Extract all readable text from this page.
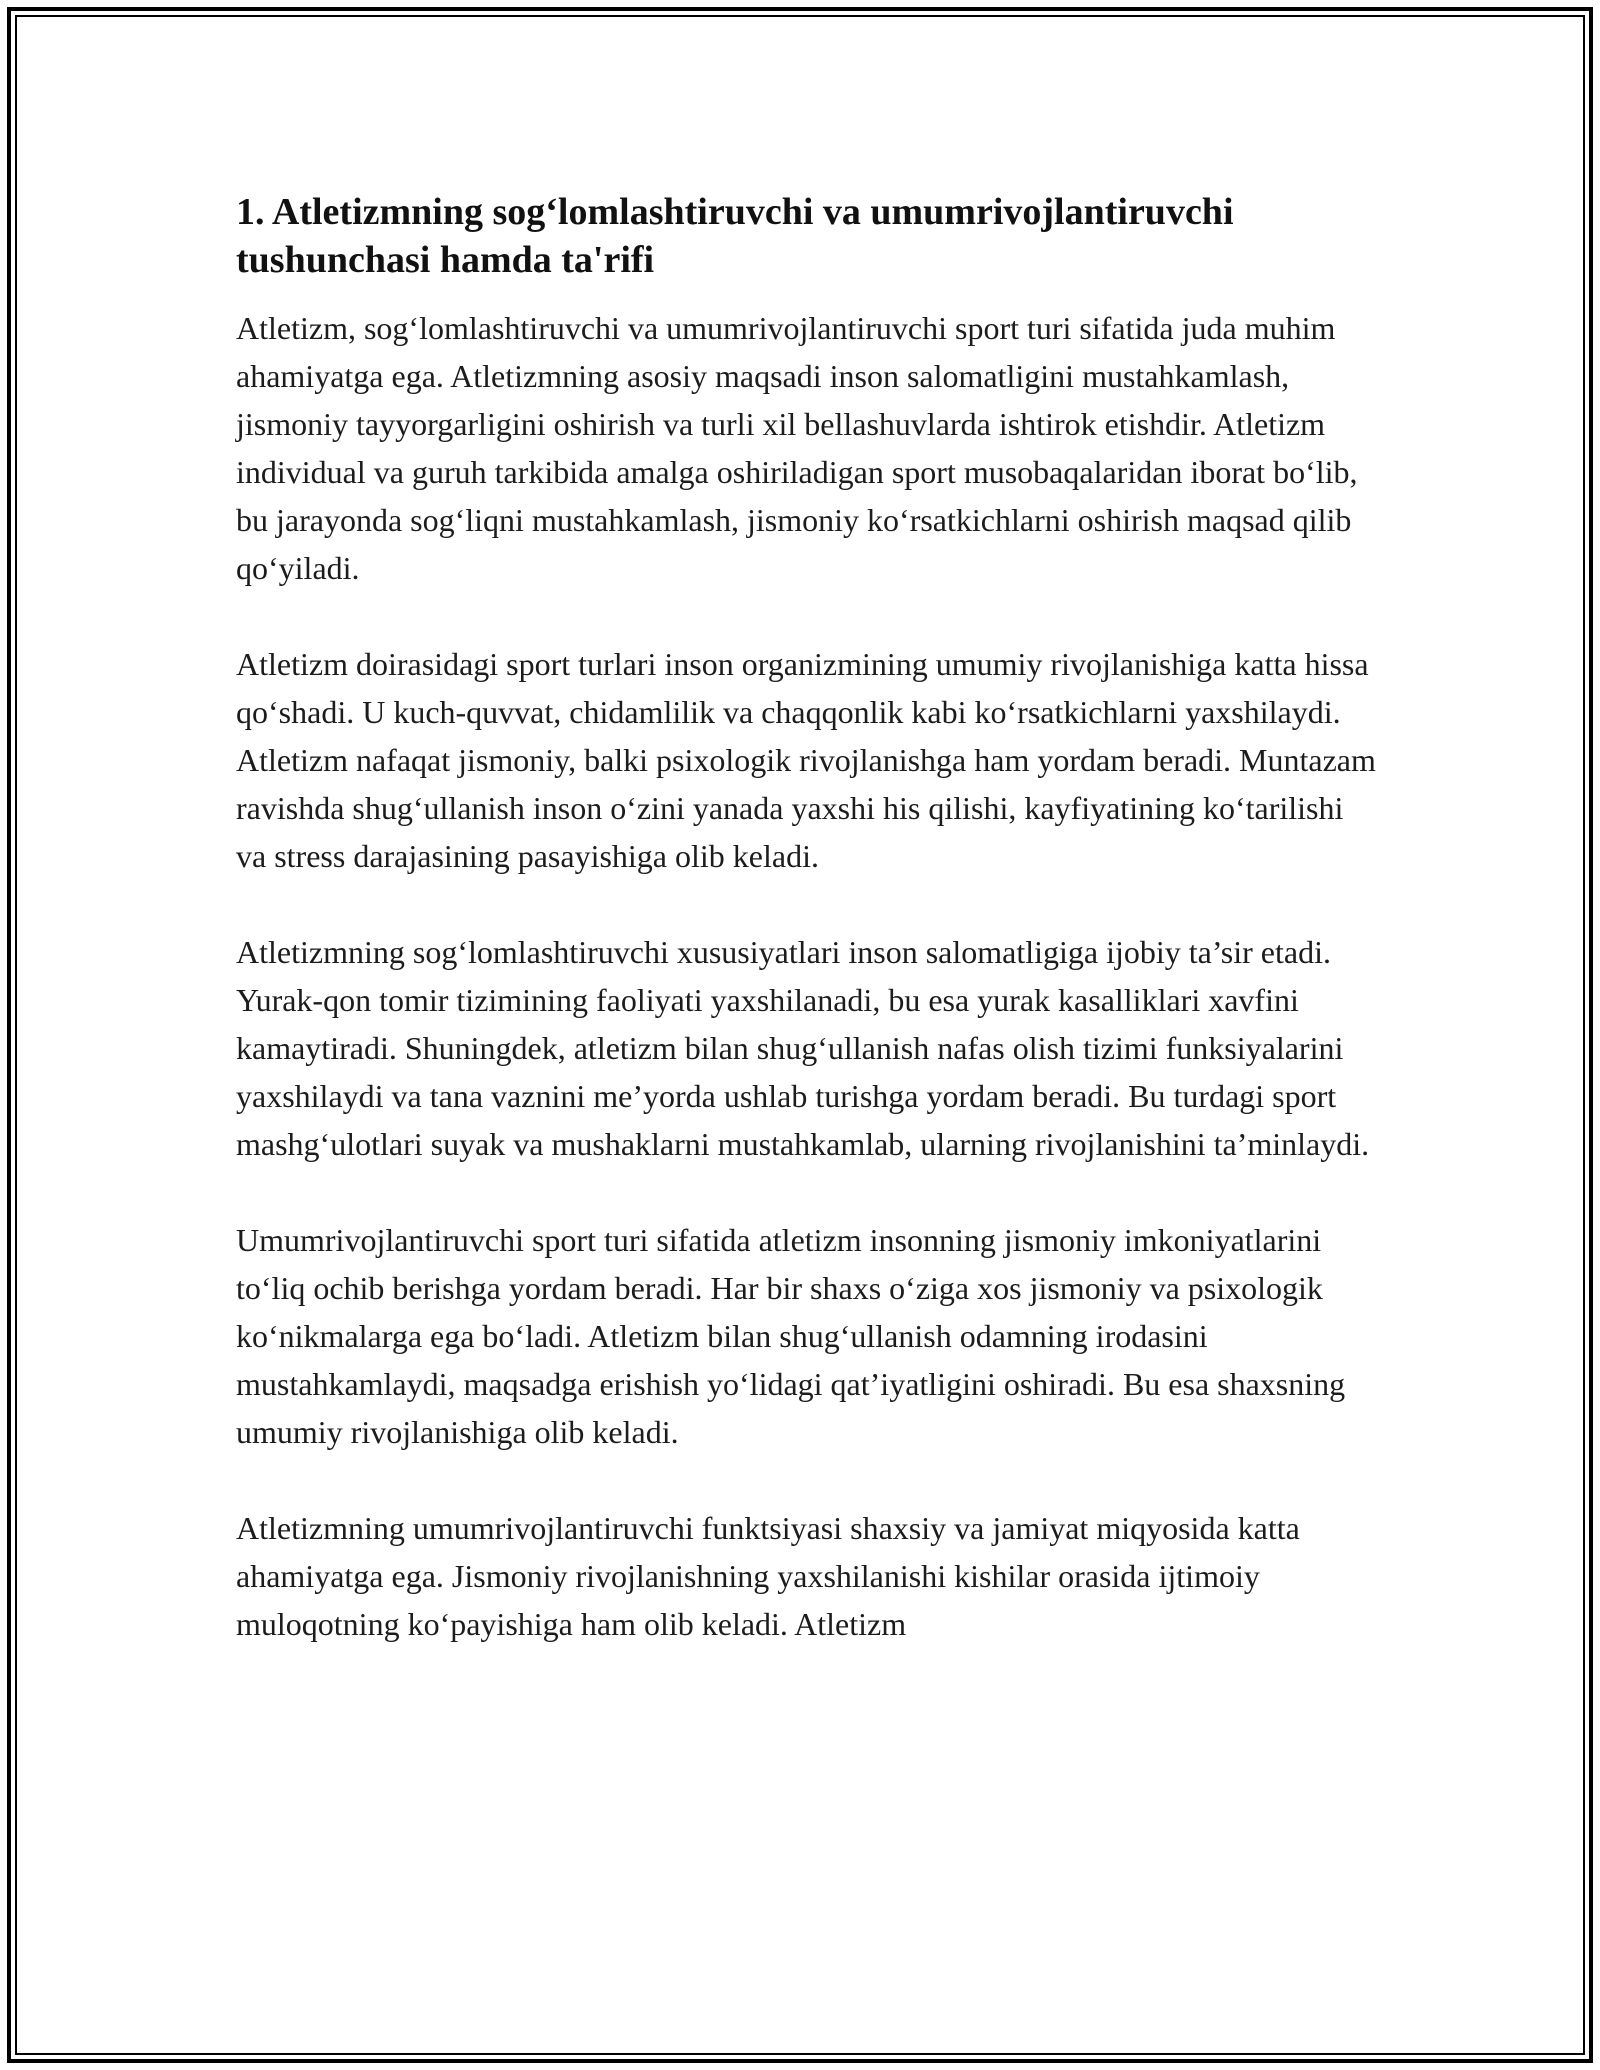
1. Atletizmning sog‘lomlashtiruvchi va umumrivojlantiruvchi tushunchasi hamda ta'rifi

Atletizm, sog‘lomlashtiruvchi va umumrivojlantiruvchi sport turi sifatida juda muhim ahamiyatga ega. Atletizmning asosiy maqsadi inson salomatligini mustahkamlash, jismoniy tayyorgarligini oshirish va turli xil bellashuvlarda ishtirok etishdir. Atletizm individual va guruh tarkibida amalga oshiriladigan sport musobaqalaridan iborat bo‘lib, bu jarayonda sog‘liqni mustahkamlash, jismoniy ko‘rsatkichlarni oshirish maqsad qilib qo‘yiladi.

Atletizm doirasidagi sport turlari inson organizmining umumiy rivojlanishiga katta hissa qo‘shadi. U kuch-quvvat, chidamlilik va chaqqonlik kabi ko‘rsatkichlarni yaxshilaydi. Atletizm nafaqat jismoniy, balki psixologik rivojlanishga ham yordam beradi. Muntazam ravishda shug‘ullanish inson o‘zini yanada yaxshi his qilishi, kayfiyatining ko‘tarilishi va stress darajasining pasayishiga olib keladi.

Atletizmning sog‘lomlashtiruvchi xususiyatlari inson salomatligiga ijobiy ta’sir etadi. Yurak-qon tomir tizimining faoliyati yaxshilanadi, bu esa yurak kasalliklari xavfini kamaytiradi. Shuningdek, atletizm bilan shug‘ullanish nafas olish tizimi funksiyalarini yaxshilaydi va tana vaznini me’yorda ushlab turishga yordam beradi. Bu turdagi sport mashg‘ulotlari suyak va mushaklarni mustahkamlab, ularning rivojlanishini ta’minlaydi.

Umumrivojlantiruvchi sport turi sifatida atletizm insonning jismoniy imkoniyatlarini to‘liq ochib berishga yordam beradi. Har bir shaxs o‘ziga xos jismoniy va psixologik ko‘nikmalarga ega bo‘ladi. Atletizm bilan shug‘ullanish odamning irodasini mustahkamlaydi, maqsadga erishish yo‘lidagi qat’iyatligini oshiradi. Bu esa shaxsning umumiy rivojlanishiga olib keladi.

Atletizmning umumrivojlantiruvchi funktsiyasi shaxsiy va jamiyat miqyosida katta ahamiyatga ega. Jismoniy rivojlanishning yaxshilanishi kishilar orasida ijtimoiy muloqotning ko‘payishiga ham olib keladi. Atletizm
